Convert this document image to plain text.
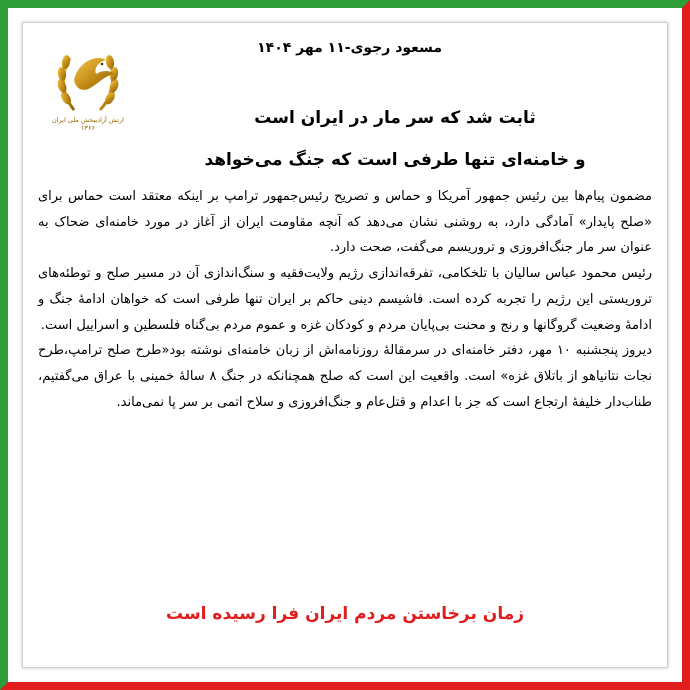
ارتش آزادیبخش ملی ایران
۱۳۶۶
مسعود رجوی-۱۱ مهر ۱۴۰۴
ثابت شد که سر مار در ایران است
و خامنه‌ای تنها طرفی است که جنگ می‌خواهد

مضمون پیام‌ها بین رئیس جمهور آمریکا و حماس و تصریح رئیس‌جمهور ترامپ بر اینکه معتقد است حماس برای «صلح پایدار» آمادگی دارد، به روشنی نشان می‌دهد که آنچه مقاومت ایران از آغاز در مورد خامنه‌ای ضحاک به عنوان سر مار جنگ‌افروزی و تروریسم می‌گفت، صحت دارد.

رئیس محمود عباس سالیان با تلخکامی، تفرقه‌اندازی رژیم ولایت‌فقیه و سنگ‌اندازی آن در مسیر صلح و توطئه‌های تروریستی این رژیم را تجربه کرده است. فاشیسم دینی حاکم بر ایران تنها طرفی است که خواهان ادامهٔ جنگ و ادامهٔ وضعیت گروگانها و رنج و محنت بی‌پایان مردم و کودکان غزه و عموم مردم بی‌گناه فلسطین و اسراییل است.

دیروز پنجشنبه ۱۰ مهر، دفتر خامنه‌ای در سرمقالهٔ روزنامه‌اش از زبان خامنه‌ای نوشته بود«طرح صلح ترامپ،طرح نجات نتانیاهو از باتلاق غزه» است. واقعیت این است که صلح همچنانکه در جنگ ۸ سالهٔ خمینی با عراق می‌گفتیم، طناب‌دار خلیفهٔ ارتجاع است که جز با اعدام و قتل‌عام و جنگ‌افروزی و سلاح اتمی بر سر پا نمی‌ماند.

زمان برخاستن مردم ایران فرا رسیده است
